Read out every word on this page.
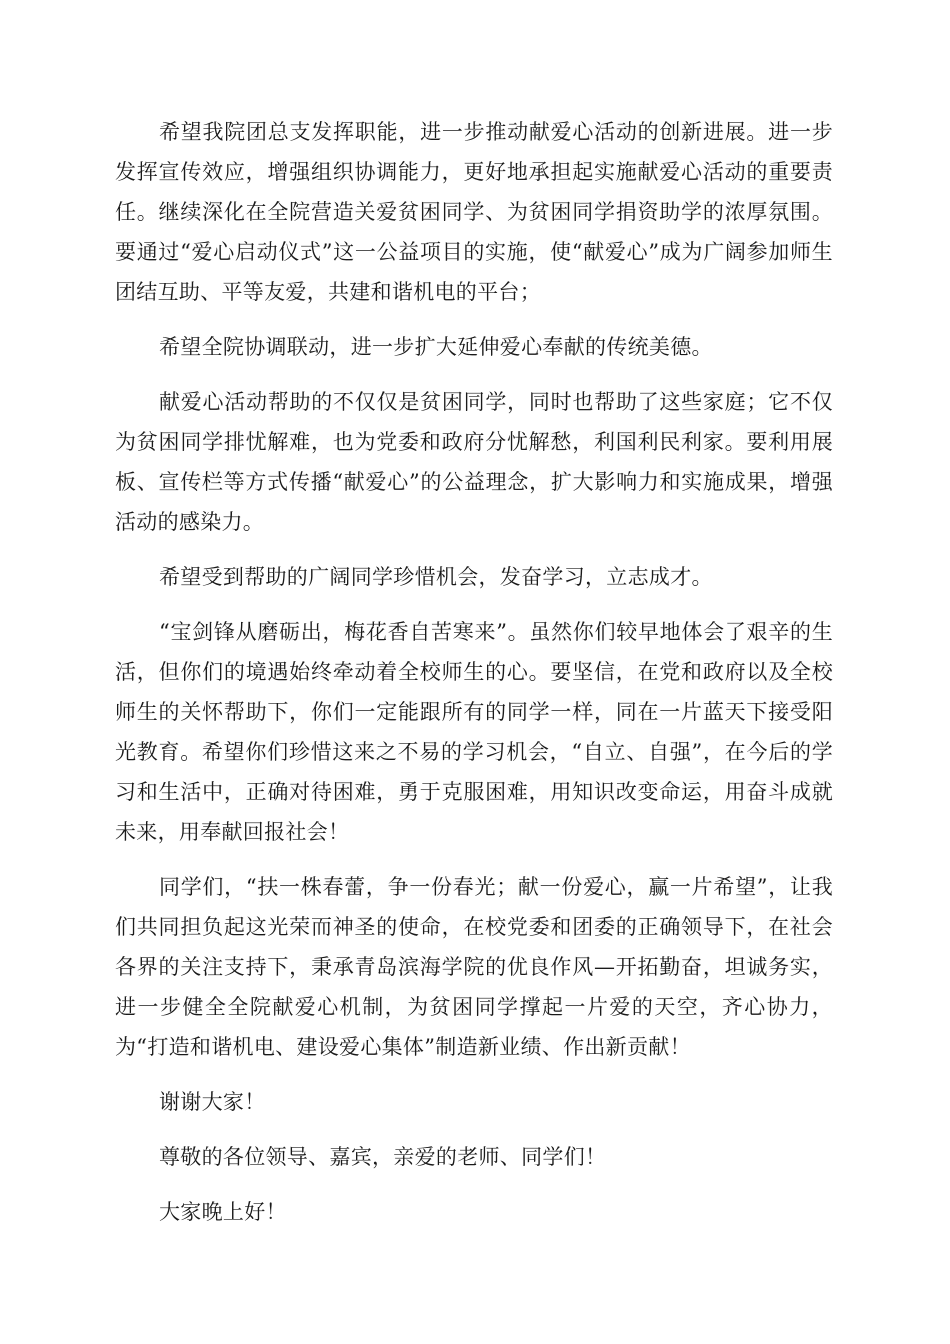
希望我院团总支发挥职能，进一步推动献爱心活动的创新进展。进一步发挥宣传效应，增强组织协调能力，更好地承担起实施献爱心活动的重要责任。继续深化在全院营造关爱贫困同学、为贫困同学捐资助学的浓厚氛围。要通过“爱心启动仪式”这一公益项目的实施，使“献爱心”成为广阔参加师生团结互助、平等友爱，共建和谐机电的平台；

希望全院协调联动，进一步扩大延伸爱心奉献的传统美德。

献爱心活动帮助的不仅仅是贫困同学，同时也帮助了这些家庭；它不仅为贫困同学排忧解难，也为党委和政府分忧解愁，利国利民利家。要利用展板、宣传栏等方式传播“献爱心”的公益理念，扩大影响力和实施成果，增强活动的感染力。

希望受到帮助的广阔同学珍惜机会，发奋学习，立志成才。

“宝剑锋从磨砺出，梅花香自苦寒来”。虽然你们较早地体会了艰辛的生活，但你们的境遇始终牵动着全校师生的心。要坚信，在党和政府以及全校师生的关怀帮助下，你们一定能跟所有的同学一样，同在一片蓝天下接受阳光教育。希望你们珍惜这来之不易的学习机会，“自立、自强”，在今后的学习和生活中，正确对待困难，勇于克服困难，用知识改变命运，用奋斗成就未来，用奉献回报社会！

同学们，“扶一株春蕾，争一份春光；献一份爱心，赢一片希望”，让我们共同担负起这光荣而神圣的使命，在校党委和团委的正确领导下，在社会各界的关注支持下，秉承青岛滨海学院的优良作风—开拓勤奋，坦诚务实，进一步健全全院献爱心机制，为贫困同学撑起一片爱的天空，齐心协力，为“打造和谐机电、建设爱心集体”制造新业绩、作出新贡献！

谢谢大家！

尊敬的各位领导、嘉宾，亲爱的老师、同学们！

大家晚上好！
